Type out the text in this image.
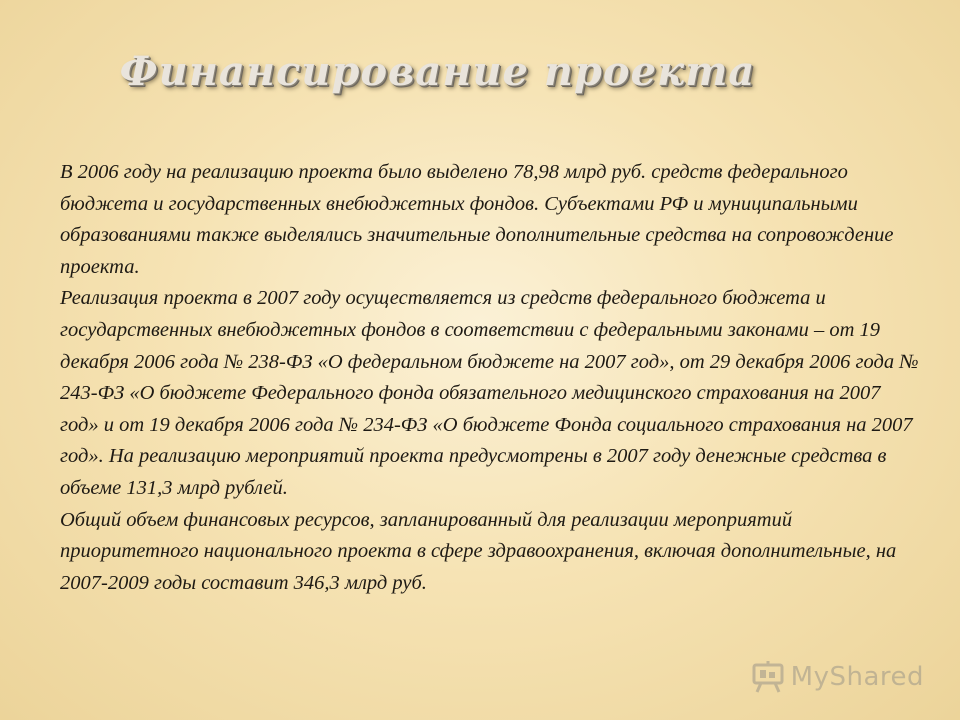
Финансирование проекта

В 2006 году на реализацию проекта было выделено 78,98 млрд руб. средств федерального бюджета и государственных внебюджетных фондов. Субъектами РФ и муниципальными образованиями также выделялись значительные дополнительные средства на сопровождение проекта.

Реализация проекта в 2007 году осуществляется из средств федерального бюджета и государственных внебюджетных фондов в соответствии с федеральными законами – от 19 декабря 2006 года № 238-ФЗ «О федеральном бюджете на 2007 год», от 29 декабря 2006 года № 243-ФЗ «О бюджете Федерального фонда обязательного медицинского страхования на 2007 год» и от 19 декабря 2006 года № 234-ФЗ «О бюджете Фонда социального страхования на 2007 год». На реализацию мероприятий проекта предусмотрены в 2007 году денежные средства в объеме 131,3 млрд рублей.

Общий объем финансовых ресурсов, запланированный для реализации мероприятий приоритетного национального проекта в сфере здравоохранения, включая дополнительные, на 2007-2009 годы составит 346,3 млрд руб.

MyShared
